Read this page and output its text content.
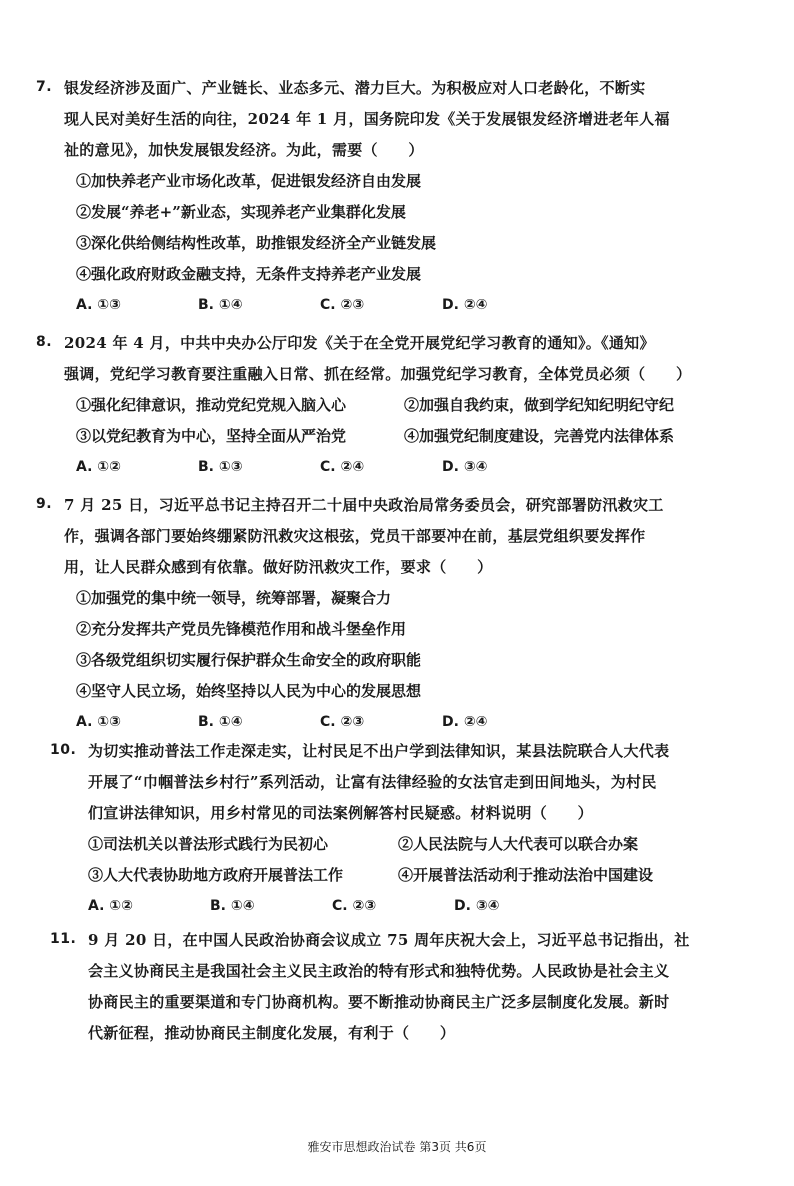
7. 银发经济涉及面广、产业链长、业态多元、潜力巨大。为积极应对人口老龄化，不断实
现人民对美好生活的向往，2024 年 1 月，国务院印发《关于发展银发经济增进老年人福
祉的意见》，加快发展银发经济。为此，需要（　　）
①加快养老产业市场化改革，促进银发经济自由发展
②发展“养老+”新业态，实现养老产业集群化发展
③深化供给侧结构性改革，助推银发经济全产业链发展
④强化政府财政金融支持，无条件支持养老产业发展
A. ①③	B. ①④	C. ②③	D. ②④
8. 2024 年 4 月，中共中央办公厅印发《关于在全党开展党纪学习教育的通知》。《通知》
强调，党纪学习教育要注重融入日常、抓在经常。加强党纪学习教育，全体党员必须（　　）
①强化纪律意识，推动党纪党规入脑入心	②加强自我约束，做到学纪知纪明纪守纪
③以党纪教育为中心，坚持全面从严治党	④加强党纪制度建设，完善党内法律体系
A. ①②	B. ①③	C. ②④	D. ③④
9. 7 月 25 日，习近平总书记主持召开二十届中央政治局常务委员会，研究部署防汛救灾工
作，强调各部门要始终绷紧防汛救灾这根弦，党员干部要冲在前，基层党组织要发挥作
用，让人民群众感到有依靠。做好防汛救灾工作，要求（　　）
①加强党的集中统一领导，统筹部署，凝聚合力
②充分发挥共产党员先锋模范作用和战斗堡垒作用
③各级党组织切实履行保护群众生命安全的政府职能
④坚守人民立场，始终坚持以人民为中心的发展思想
A. ①③	B. ①④	C. ②③	D. ②④
10. 为切实推动普法工作走深走实，让村民足不出户学到法律知识，某县法院联合人大代表
开展了“巾帼普法乡村行”系列活动，让富有法律经验的女法官走到田间地头，为村民
们宣讲法律知识，用乡村常见的司法案例解答村民疑惑。材料说明（　　）
①司法机关以普法形式践行为民初心	②人民法院与人大代表可以联合办案
③人大代表协助地方政府开展普法工作	④开展普法活动利于推动法治中国建设
A. ①②	B. ①④	C. ②③	D. ③④
11. 9 月 20 日，在中国人民政治协商会议成立 75 周年庆祝大会上，习近平总书记指出，社
会主义协商民主是我国社会主义民主政治的特有形式和独特优势。人民政协是社会主义
协商民主的重要渠道和专门协商机构。要不断推动协商民主广泛多层制度化发展。新时
代新征程，推动协商民主制度化发展，有利于（　　）
雅安市思想政治试卷 第3页 共6页
